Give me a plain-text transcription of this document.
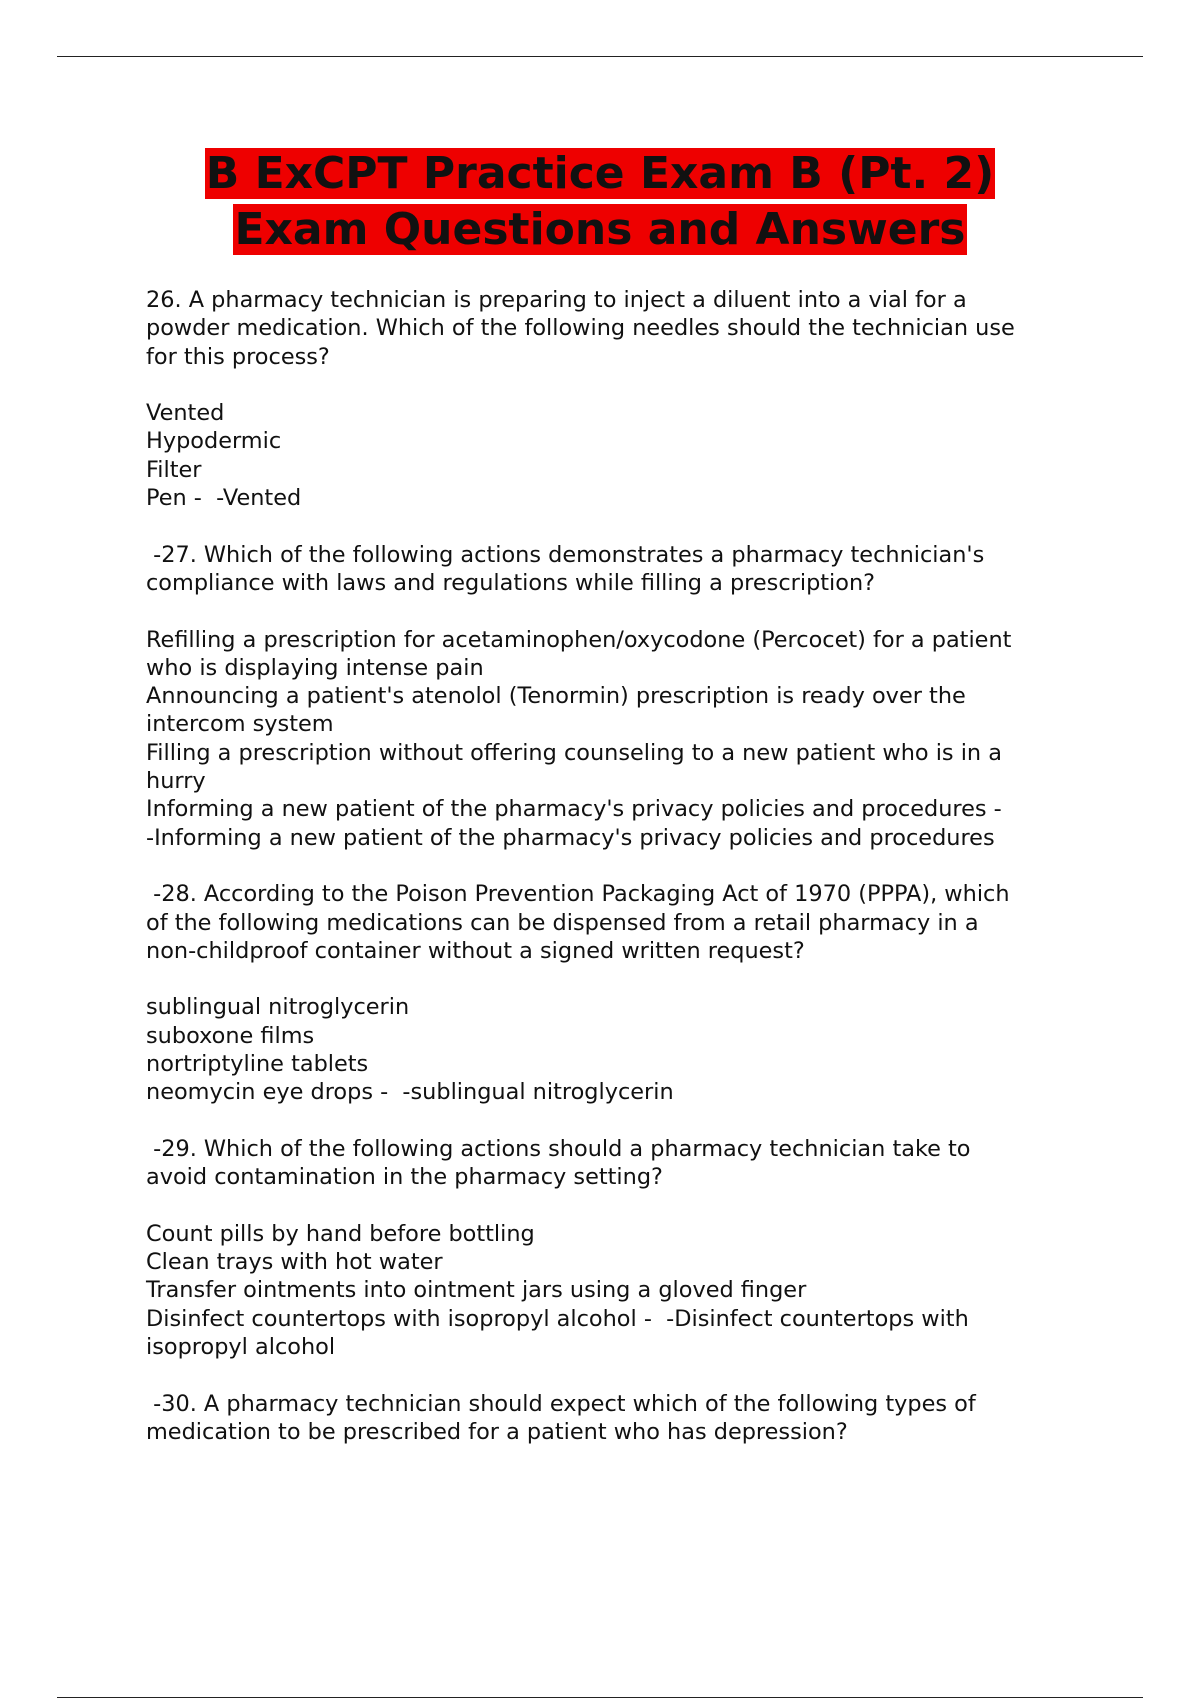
B ExCPT Practice Exam B (Pt. 2)
Exam Questions and Answers

26. A pharmacy technician is preparing to inject a diluent into a vial for a

powder medication. Which of the following needles should the technician use

for this process?

Vented

Hypodermic

Filter

Pen -  -Vented

-27. Which of the following actions demonstrates a pharmacy technician's

compliance with laws and regulations while filling a prescription?

Refilling a prescription for acetaminophen/oxycodone (Percocet) for a patient

who is displaying intense pain

Announcing a patient's atenolol (Tenormin) prescription is ready over the

intercom system

Filling a prescription without offering counseling to a new patient who is in a

hurry

Informing a new patient of the pharmacy's privacy policies and procedures -

-Informing a new patient of the pharmacy's privacy policies and procedures

-28. According to the Poison Prevention Packaging Act of 1970 (PPPA), which

of the following medications can be dispensed from a retail pharmacy in a

non-childproof container without a signed written request?

sublingual nitroglycerin

suboxone films

nortriptyline tablets

neomycin eye drops -  -sublingual nitroglycerin

-29. Which of the following actions should a pharmacy technician take to

avoid contamination in the pharmacy setting?

Count pills by hand before bottling

Clean trays with hot water

Transfer ointments into ointment jars using a gloved finger

Disinfect countertops with isopropyl alcohol -  -Disinfect countertops with

isopropyl alcohol

-30. A pharmacy technician should expect which of the following types of

medication to be prescribed for a patient who has depression?
